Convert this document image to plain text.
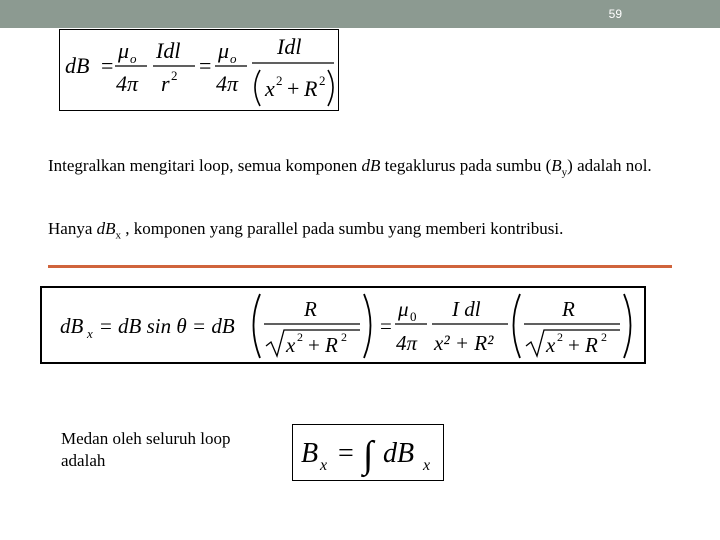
59
dB =
μ o
4π
Idl
r 2 =
μ o
4π
Idl
x 2 + R 2
Integralkan mengitari loop, semua komponen dB tegaklurus pada sumbu $(B_y)$ adalah nol.
Hanya $dB_x$ , komponen yang parallel pada sumbu yang memberi kontribusi.
dB x = dB sin θ = dB
R
x 2 + R 2 =
μ 0
4π
I dl
x² + R²
R
x 2 + R 2
Medan oleh seluruh loop adalah	B x = ∫ dB x
